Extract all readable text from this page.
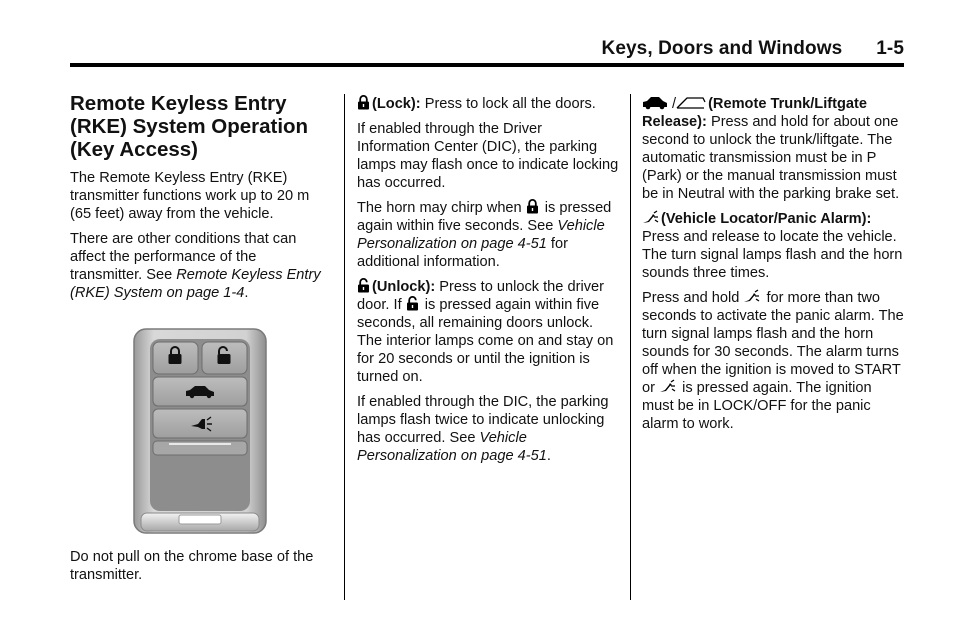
Keys, Doors and Windows 1-5
Remote Keyless Entry (RKE) System Operation (Key Access)

The Remote Keyless Entry (RKE) transmitter functions work up to 20 m (65 feet) away from the vehicle.

There are other conditions that can affect the performance of the transmitter. See Remote Keyless Entry (RKE) System on page 1-4.

Do not pull on the chrome base of the transmitter.

(Lock): Press to lock all the doors.

If enabled through the Driver Information Center (DIC), the parking lamps may flash once to indicate locking has occurred.

The horn may chirp when  is pressed again within five seconds. See Vehicle Personalization on page 4-51 for additional information.

(Unlock): Press to unlock the driver door. If  is pressed again within five seconds, all remaining doors unlock. The interior lamps come on and stay on for 20 seconds or until the ignition is turned on.

If enabled through the DIC, the parking lamps flash twice to indicate unlocking has occurred. See Vehicle Personalization on page 4-51.

/ (Remote Trunk/Liftgate Release): Press and hold for about one second to unlock the trunk/liftgate. The automatic transmission must be in P (Park) or the manual transmission must be in Neutral with the parking brake set.

(Vehicle Locator/Panic Alarm): Press and release to locate the vehicle. The turn signal lamps flash and the horn sounds three times.

Press and hold  for more than two seconds to activate the panic alarm. The turn signal lamps flash and the horn sounds for 30 seconds. The alarm turns off when the ignition is moved to START or  is pressed again. The ignition must be in LOCK/OFF for the panic alarm to work.
